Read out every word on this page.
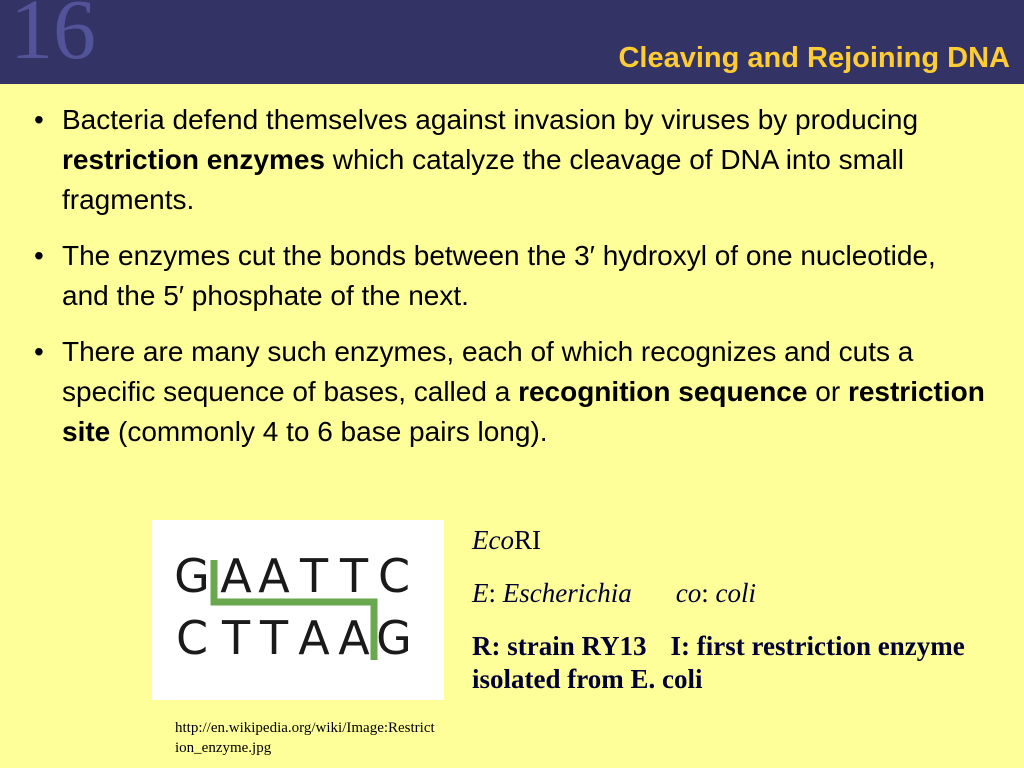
16	Cleaving and Rejoining DNA
• Bacteria defend themselves against invasion by viruses by producing restriction enzymes which catalyze the cleavage of DNA into small fragments.
• The enzymes cut the bonds between the 3′ hydroxyl of one nucleotide, and the 5′ phosphate of the next.
• There are many such enzymes, each of which recognizes and cuts a specific sequence of bases, called a recognition sequence or restriction site (commonly 4 to 6 base pairs long).
G A A T T C
C T T A A G
http://en.wikipedia.org/wiki/Image:Restriction_enzyme.jpg

EcoRI

E: Escherichia co: coli

R: strain RY13 I: first restriction enzyme isolated from E. coli
